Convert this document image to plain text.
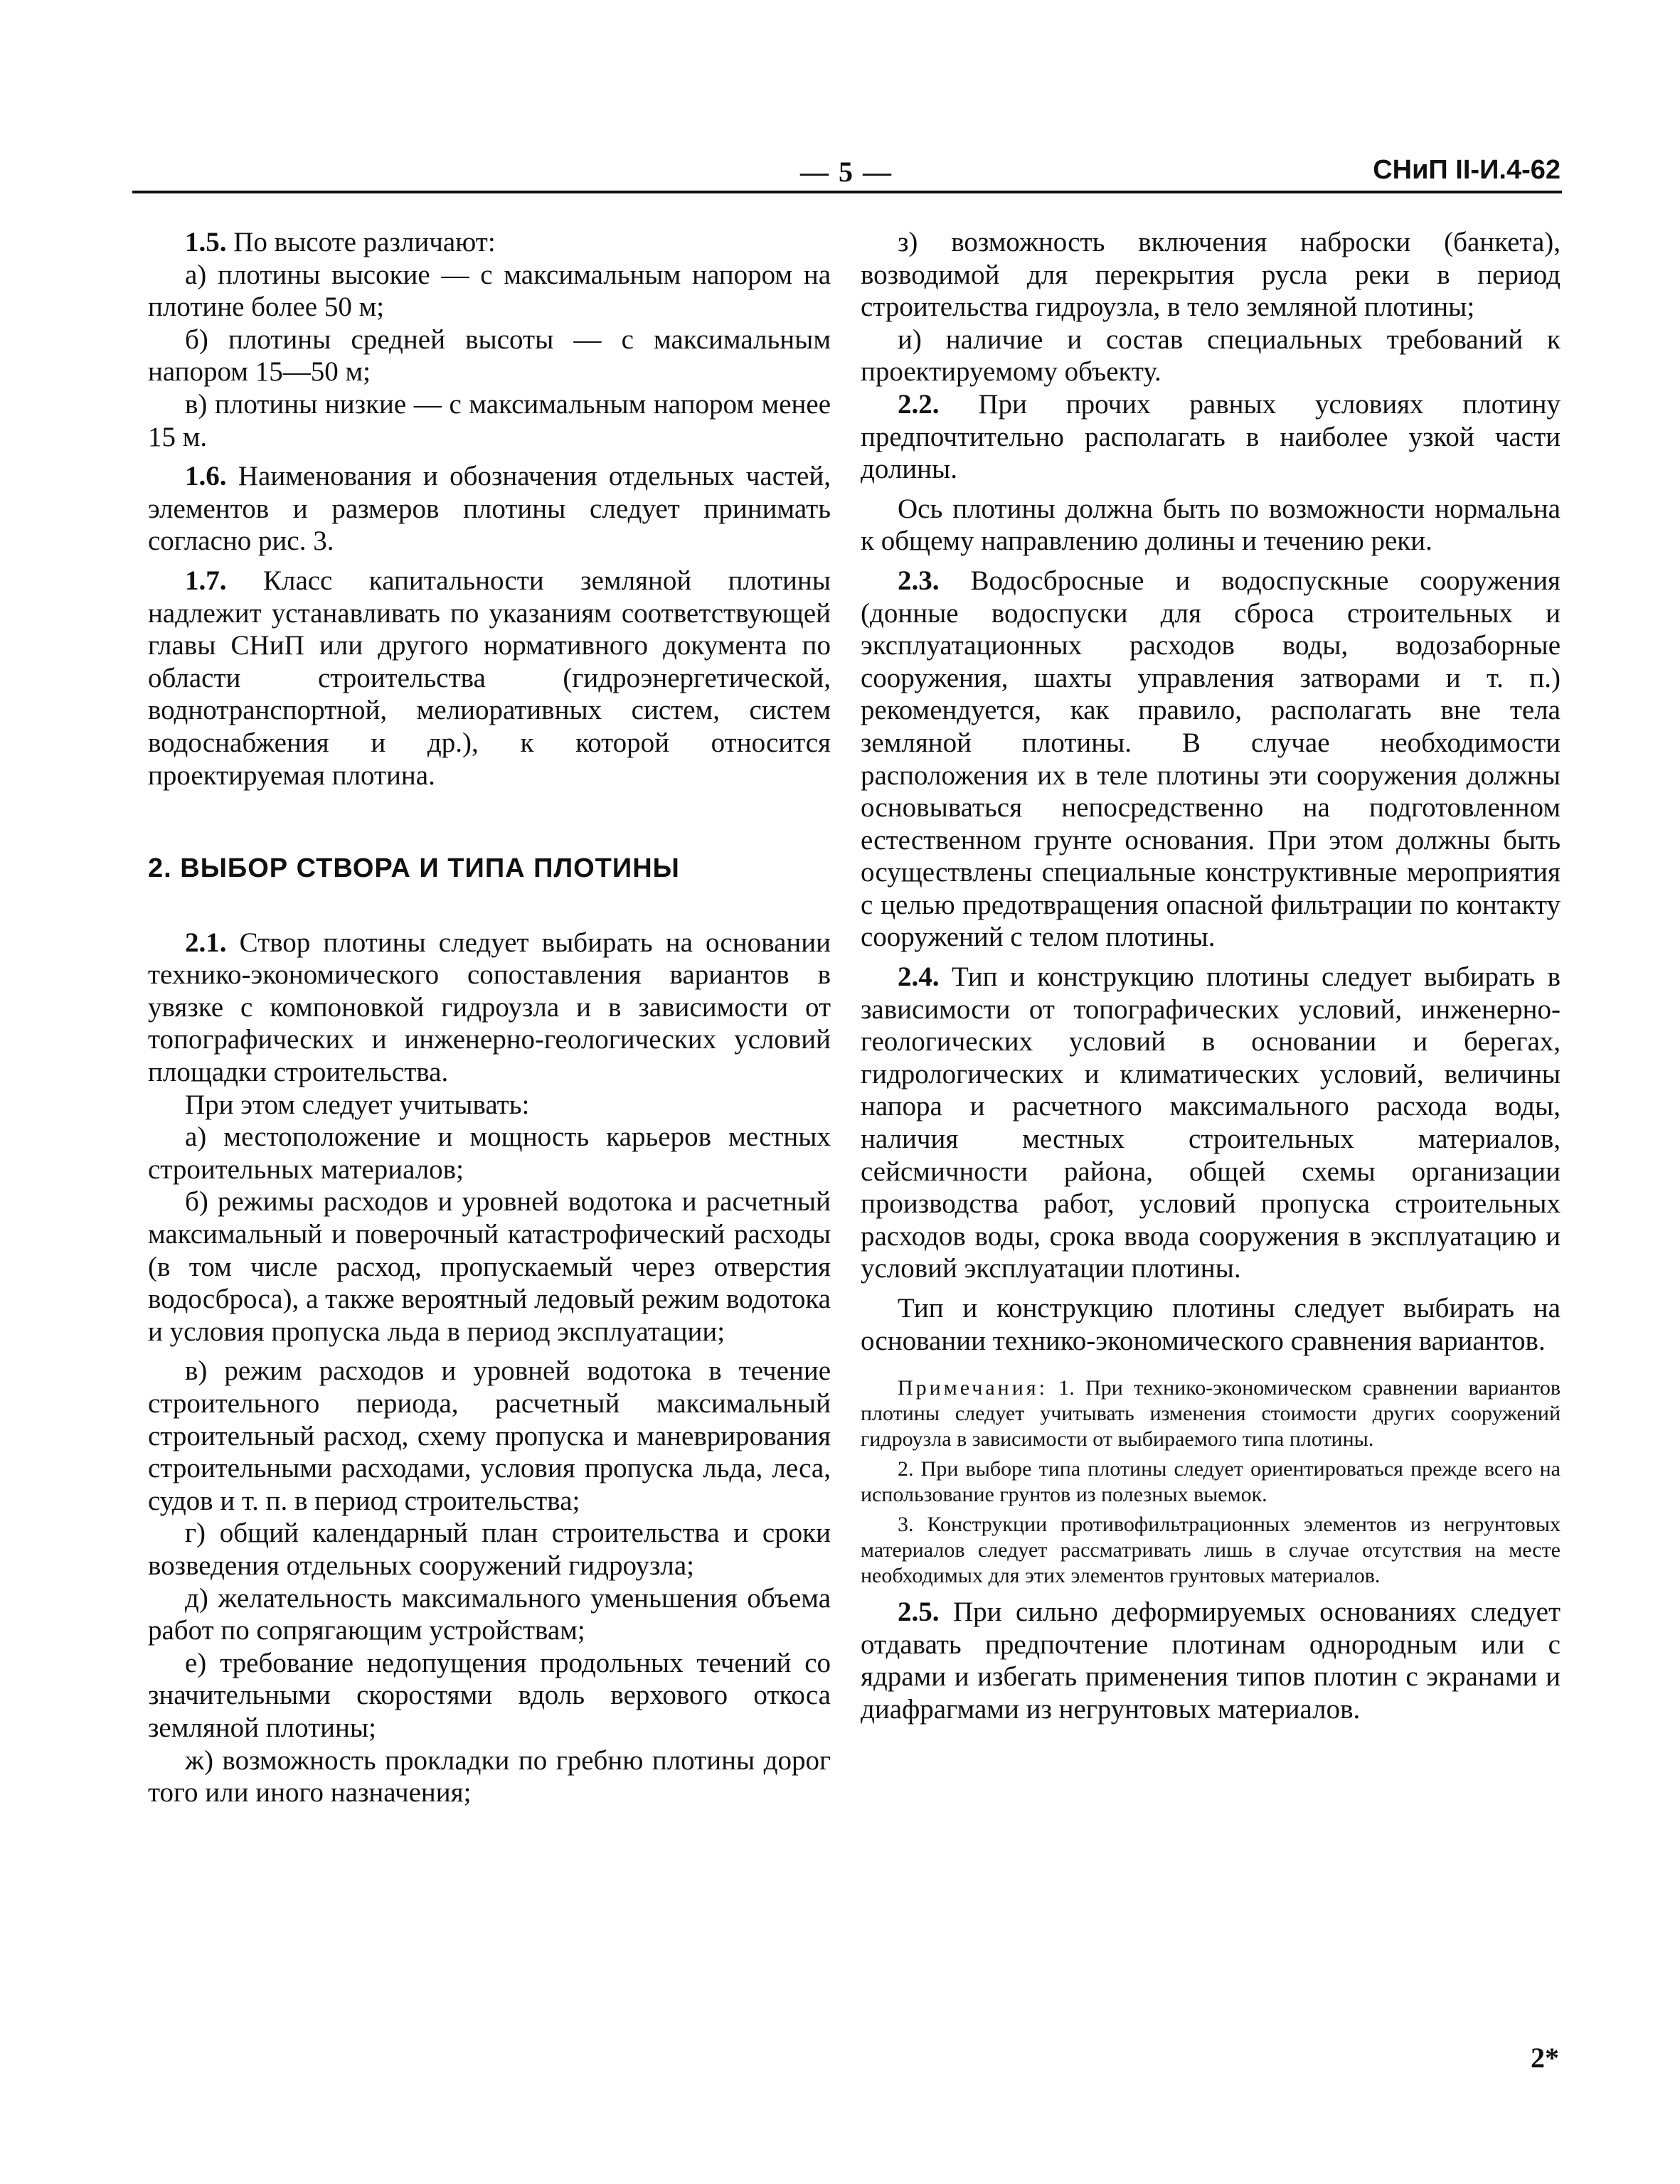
— 5 —	СНиП II-И.4-62

1.5. По высоте различают:

а) плотины высокие — с максимальным напором на плотине более 50 м;

б) плотины средней высоты — с максимальным напором 15—50 м;

в) плотины низкие — с максимальным напором менее 15 м.

1.6. Наименования и обозначения отдельных частей, элементов и размеров плотины следует принимать согласно рис. 3.

1.7. Класс капитальности земляной плотины надлежит устанавливать по указаниям соответствующей главы СНиП или другого нормативного документа по области строительства (гидроэнергетической, воднотранспортной, мелиоративных систем, систем водоснабжения и др.), к которой относится проектируемая плотина.

2. ВЫБОР СТВОРА И ТИПА ПЛОТИНЫ

2.1. Створ плотины следует выбирать на основании технико-экономического сопоставления вариантов в увязке с компоновкой гидроузла и в зависимости от топографических и инженерно-геологических условий площадки строительства.

При этом следует учитывать:

а) местоположение и мощность карьеров местных строительных материалов;

б) режимы расходов и уровней водотока и расчетный максимальный и поверочный катастрофический расходы (в том числе расход, пропускаемый через отверстия водосброса), а также вероятный ледовый режим водотока и условия пропуска льда в период эксплуатации;

в) режим расходов и уровней водотока в течение строительного периода, расчетный максимальный строительный расход, схему пропуска и маневрирования строительными расходами, условия пропуска льда, леса, судов и т. п. в период строительства;

г) общий календарный план строительства и сроки возведения отдельных сооружений гидроузла;

д) желательность максимального уменьшения объема работ по сопрягающим устройствам;

е) требование недопущения продольных течений со значительными скоростями вдоль верхового откоса земляной плотины;

ж) возможность прокладки по гребню плотины дорог того или иного назначения;

з) возможность включения наброски (банкета), возводимой для перекрытия русла реки в период строительства гидроузла, в тело земляной плотины;

и) наличие и состав специальных требований к проектируемому объекту.

2.2. При прочих равных условиях плотину предпочтительно располагать в наиболее узкой части долины.

Ось плотины должна быть по возможности нормальна к общему направлению долины и течению реки.

2.3. Водосбросные и водоспускные сооружения (донные водоспуски для сброса строительных и эксплуатационных расходов воды, водозаборные сооружения, шахты управления затворами и т. п.) рекомендуется, как правило, располагать вне тела земляной плотины. В случае необходимости расположения их в теле плотины эти сооружения должны основываться непосредственно на подготовленном естественном грунте основания. При этом должны быть осуществлены специальные конструктивные мероприятия с целью предотвращения опасной фильтрации по контакту сооружений с телом плотины.

2.4. Тип и конструкцию плотины следует выбирать в зависимости от топографических условий, инженерно-геологических условий в основании и берегах, гидрологических и климатических условий, величины напора и расчетного максимального расхода воды, наличия местных строительных материалов, сейсмичности района, общей схемы организации производства работ, условий пропуска строительных расходов воды, срока ввода сооружения в эксплуатацию и условий эксплуатации плотины.

Тип и конструкцию плотины следует выбирать на основании технико-экономического сравнения вариантов.

Примечания: 1. При технико-экономическом сравнении вариантов плотины следует учитывать изменения стоимости других сооружений гидроузла в зависимости от выбираемого типа плотины.

2. При выборе типа плотины следует ориентироваться прежде всего на использование грунтов из полезных выемок.

3. Конструкции противофильтрационных элементов из негрунтовых материалов следует рассматривать лишь в случае отсутствия на месте необходимых для этих элементов грунтовых материалов.

2.5. При сильно деформируемых основаниях следует отдавать предпочтение плотинам однородным или с ядрами и избегать применения типов плотин с экранами и диафрагмами из негрунтовых материалов.

2*
